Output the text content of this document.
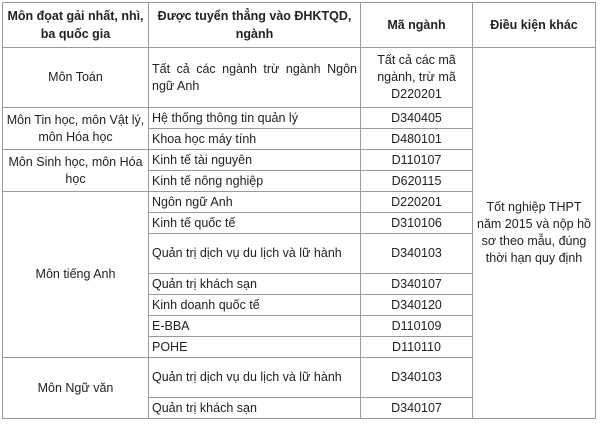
Môn đọat gải nhất, nhì, ba quốc gia	Được tuyển thẳng vào ĐHKTQD, ngành	Mã ngành	Điều kiện khác
Môn Toán	Tất cả các ngành trừ ngành Ngôn ngữ Anh	Tất cả các mã ngành, trừ mã D220201	Tốt nghiệp THPT năm 2015 và nộp hồ sơ theo mẫu, đúng thời hạn quy định
Môn Tin học, môn Vật lý, môn Hóa học	Hệ thống thông tin quản lý	D340405	
	Khoa học máy tính	D480101	
Môn Sinh học, môn Hóa học	Kinh tế tài nguyên	D110107	
	Kinh tế nông nghiệp	D620115	
Môn tiếng Anh	Ngôn ngữ Anh	D220201	
	Kinh tế quốc tế	D310106	
	Quản trị dịch vụ du lịch và lữ hành	D340103	
	Quản trị khách sạn	D340107	
	Kinh doanh quốc tế	D340120	
	E-BBA	D110109	
	POHE	D110110	
Môn Ngữ văn	Quản trị dịch vụ du lịch và lữ hành	D340103	
	Quản trị khách sạn	D340107	
